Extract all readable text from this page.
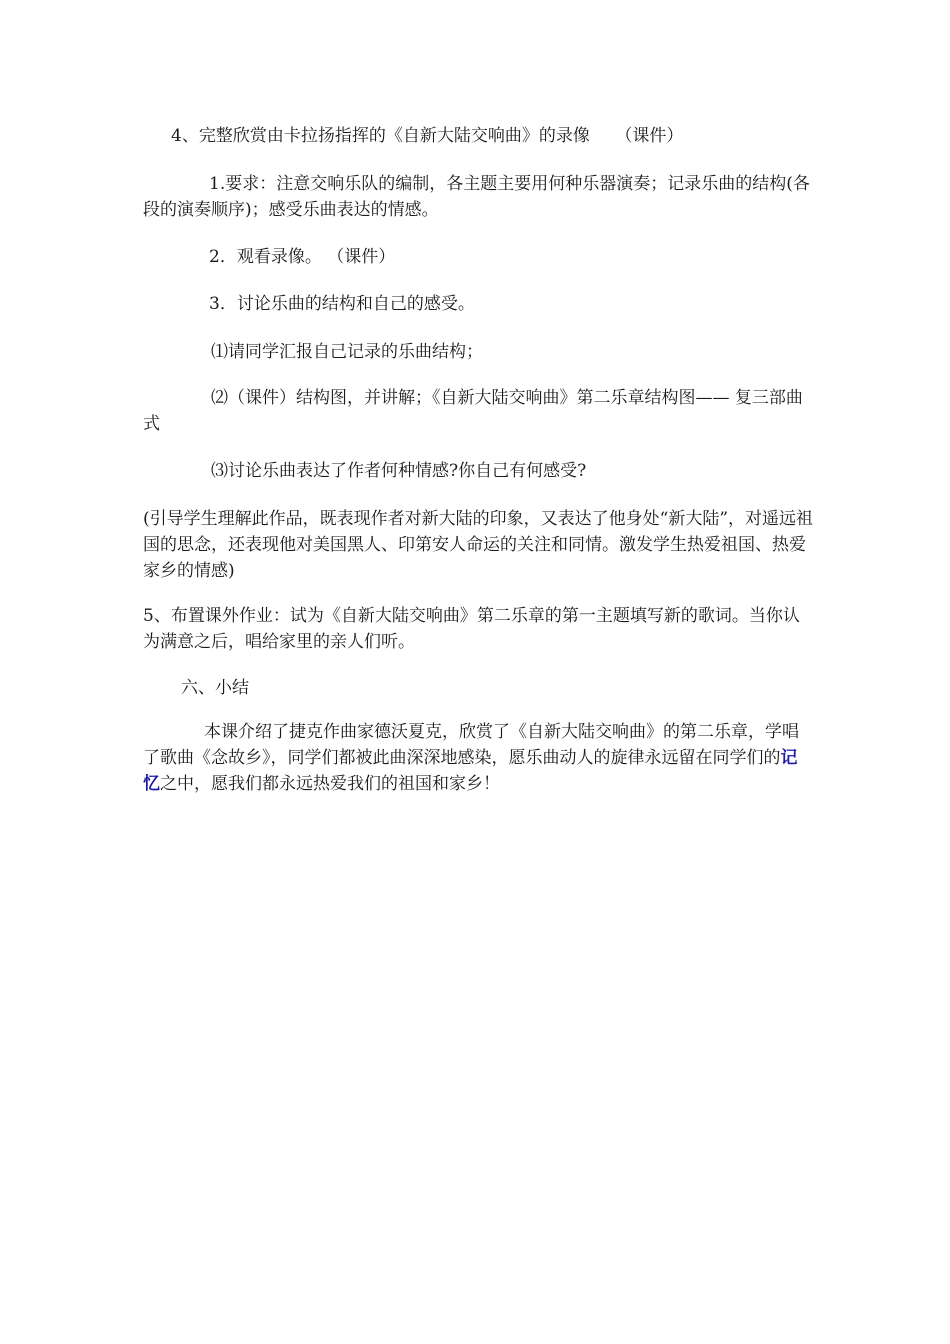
4、完整欣赏由卡拉扬指挥的《自新大陆交响曲》的录像　　（课件）
1.要求：注意交响乐队的编制，各主题主要用何种乐器演奏；记录乐曲的结构(各段的演奏顺序)；感受乐曲表达的情感。
2．观看录像。 （课件）
3．讨论乐曲的结构和自己的感受。
⑴请同学汇报自己记录的乐曲结构；
⑵（课件）结构图，并讲解；《自新大陆交响曲》第二乐章结构图—— 复三部曲式
⑶讨论乐曲表达了作者何种情感?你自己有何感受?
(引导学生理解此作品，既表现作者对新大陆的印象，又表达了他身处“新大陆”，对遥远祖国的思念，还表现他对美国黑人、印第安人命运的关注和同情。激发学生热爱祖国、热爱家乡的情感)
5、布置课外作业：试为《自新大陆交响曲》第二乐章的第一主题填写新的歌词。当你认为满意之后，唱给家里的亲人们听。
六、小结
本课介绍了捷克作曲家德沃夏克，欣赏了《自新大陆交响曲》的第二乐章，学唱了歌曲《念故乡》，同学们都被此曲深深地感染，愿乐曲动人的旋律永远留在同学们的记忆之中，愿我们都永远热爱我们的祖国和家乡！
